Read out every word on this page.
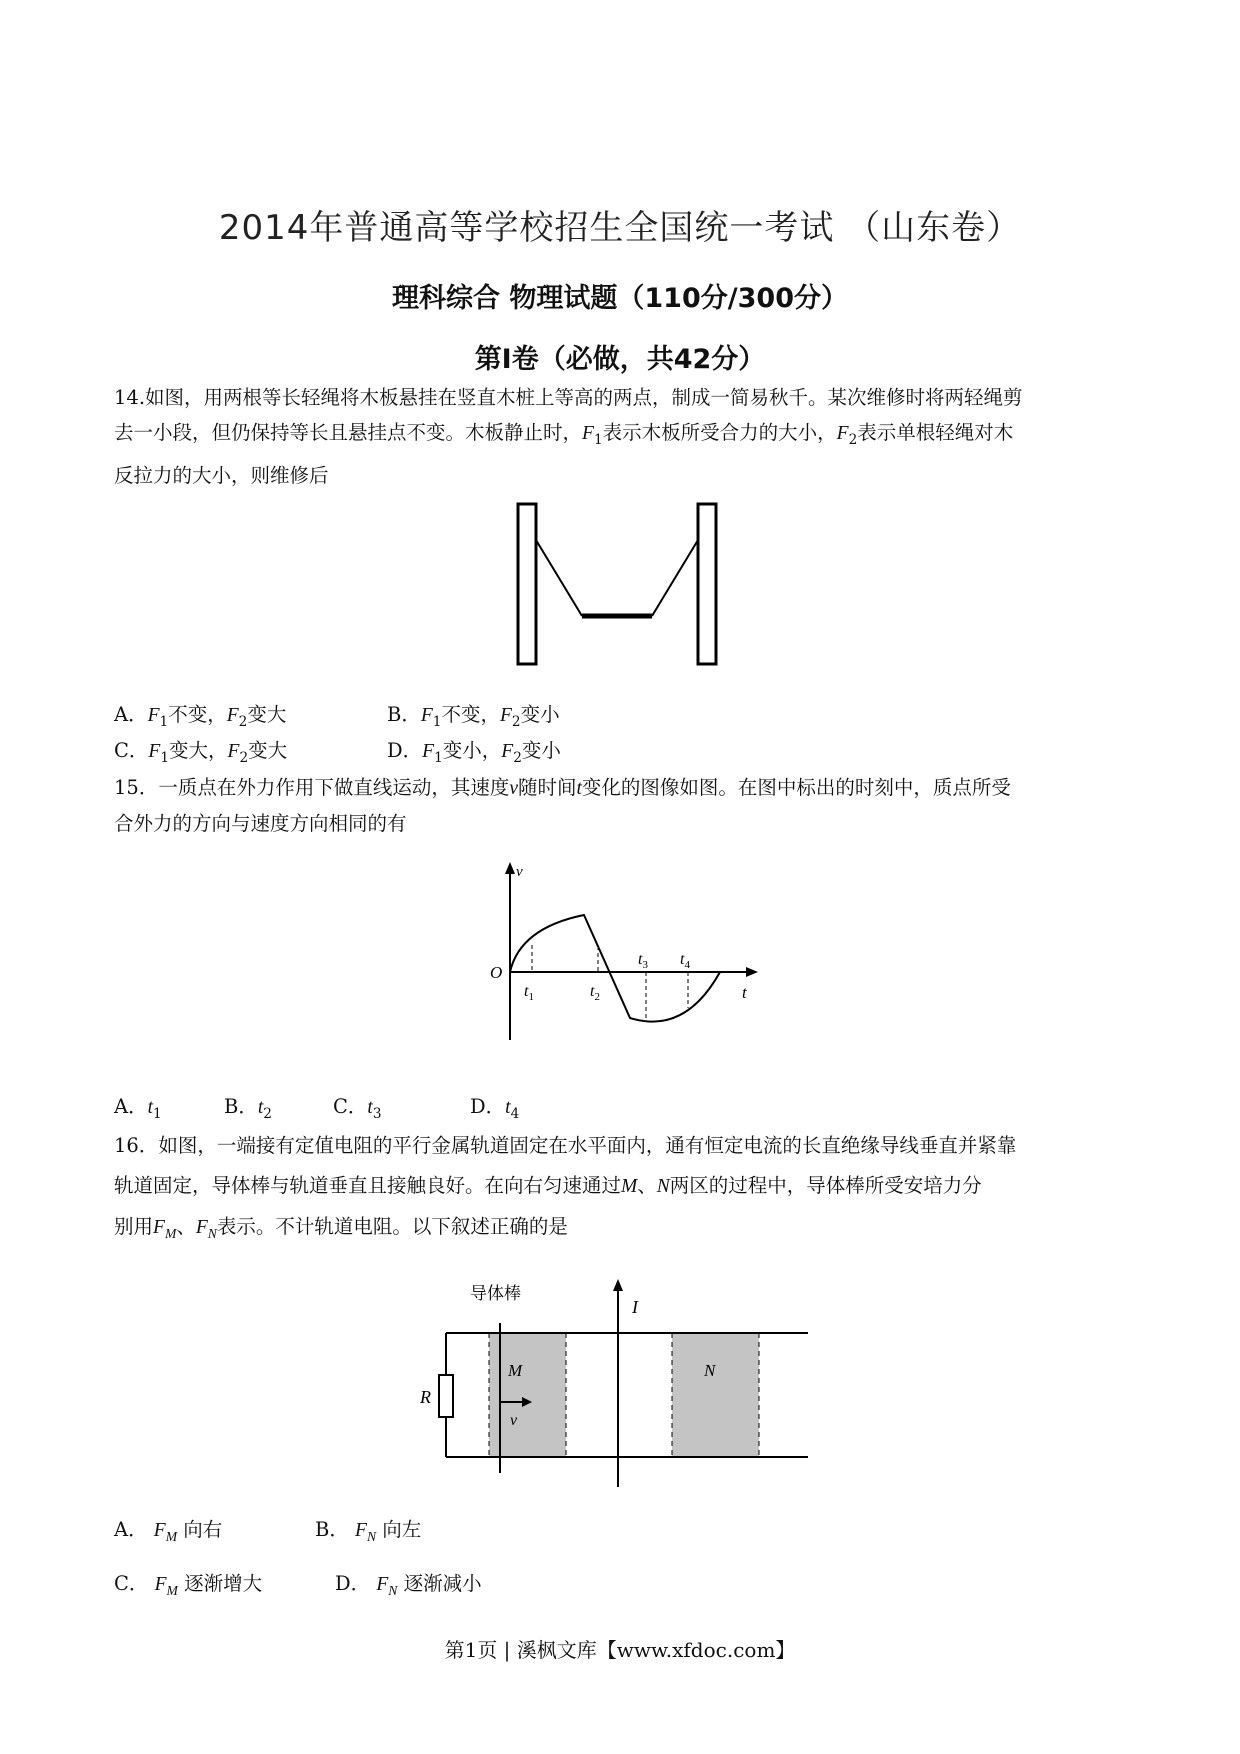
2014年普通高等学校招生全国统一考试 （山东卷）
理科综合 物理试题（110分/300分）
第Ⅰ卷（必做，共42分）
14.如图，用两根等长轻绳将木板悬挂在竖直木桩上等高的两点，制成一简易秋千。某次维修时将两轻绳剪
去一小段，但仍保持等长且悬挂点不变。木板静止时，$F_1$表示木板所受合力的大小，$F_2$表示单根轻绳对木
反拉力的大小，则维修后
A．$F_1$不变，$F_2$变大	B．$F_1$不变，$F_2$变小
C．$F_1$变大，$F_2$变大	D．$F_1$变小，$F_2$变小
15．一质点在外力作用下做直线运动，其速度v随时间t变化的图像如图。在图中标出的时刻中，质点所受
合外力的方向与速度方向相同的有
v
O
t
$t_1$	$t_2$
$t_3$ $t_4$
A．$t_1$	B．$t_2$	C．$t_3$	D．$t_4$
16．如图，一端接有定值电阻的平行金属轨道固定在水平面内，通有恒定电流的长直绝缘导线垂直并紧靠
轨道固定，导体棒与轨道垂直且接触良好。在向右匀速通过M、N两区的过程中，导体棒所受安培力分
别用$F_M$、$F_N$表示。不计轨道电阻。以下叙述正确的是
导体棒
I
R
M	N
v
A． $F_M$ 向右	B． $F_N$ 向左
C． $F_M$ 逐渐增大	D． $F_N$ 逐渐减小
第1页 | 溪枫文库【www.xfdoc.com】
